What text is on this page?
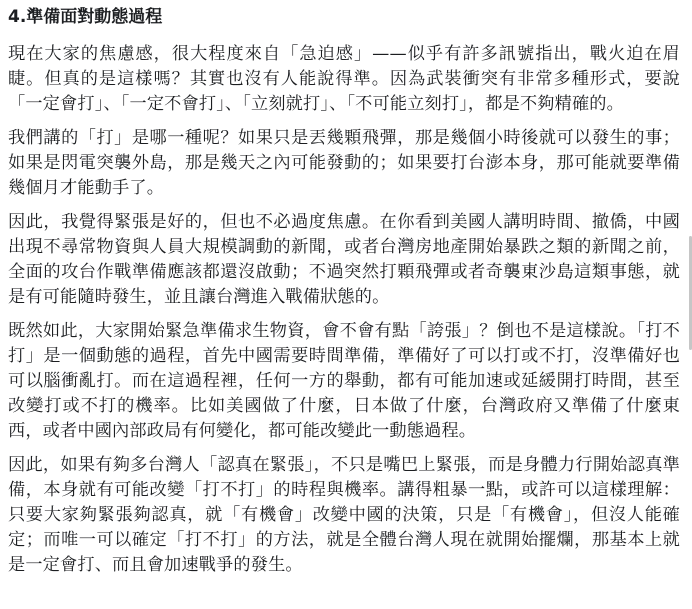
4.準備面對動態過程

現在大家的焦慮感，很大程度來自「急迫感」——似乎有許多訊號指出，戰火迫在眉睫。但真的是這樣嗎？其實也沒有人能說得準。因為武裝衝突有非常多種形式，要說「一定會打」、「一定不會打」、「立刻就打」、「不可能立刻打」，都是不夠精確的。

我們講的「打」是哪一種呢？如果只是丟幾顆飛彈，那是幾個小時後就可以發生的事；如果是閃電突襲外島，那是幾天之內可能發動的；如果要打台澎本身，那可能就要準備幾個月才能動手了。

因此，我覺得緊張是好的，但也不必過度焦慮。在你看到美國人講明時間、撤僑，中國出現不尋常物資與人員大規模調動的新聞，或者台灣房地產開始暴跌之類的新聞之前，全面的攻台作戰準備應該都還沒啟動；不過突然打顆飛彈或者奇襲東沙島這類事態，就是有可能隨時發生，並且讓台灣進入戰備狀態的。

既然如此，大家開始緊急準備求生物資，會不會有點「誇張」？倒也不是這樣說。「打不打」是一個動態的過程，首先中國需要時間準備，準備好了可以打或不打，沒準備好也可以腦衝亂打。而在這過程裡，任何一方的舉動，都有可能加速或延緩開打時間，甚至改變打或不打的機率。比如美國做了什麼，日本做了什麼，台灣政府又準備了什麼東西，或者中國內部政局有何變化，都可能改變此一動態過程。

因此，如果有夠多台灣人「認真在緊張」，不只是嘴巴上緊張，而是身體力行開始認真準備，本身就有可能改變「打不打」的時程與機率。講得粗暴一點，或許可以這樣理解：只要大家夠緊張夠認真，就「有機會」改變中國的決策，只是「有機會」，但沒人能確定；而唯一可以確定「打不打」的方法，就是全體台灣人現在就開始擺爛，那基本上就是一定會打、而且會加速戰爭的發生。
